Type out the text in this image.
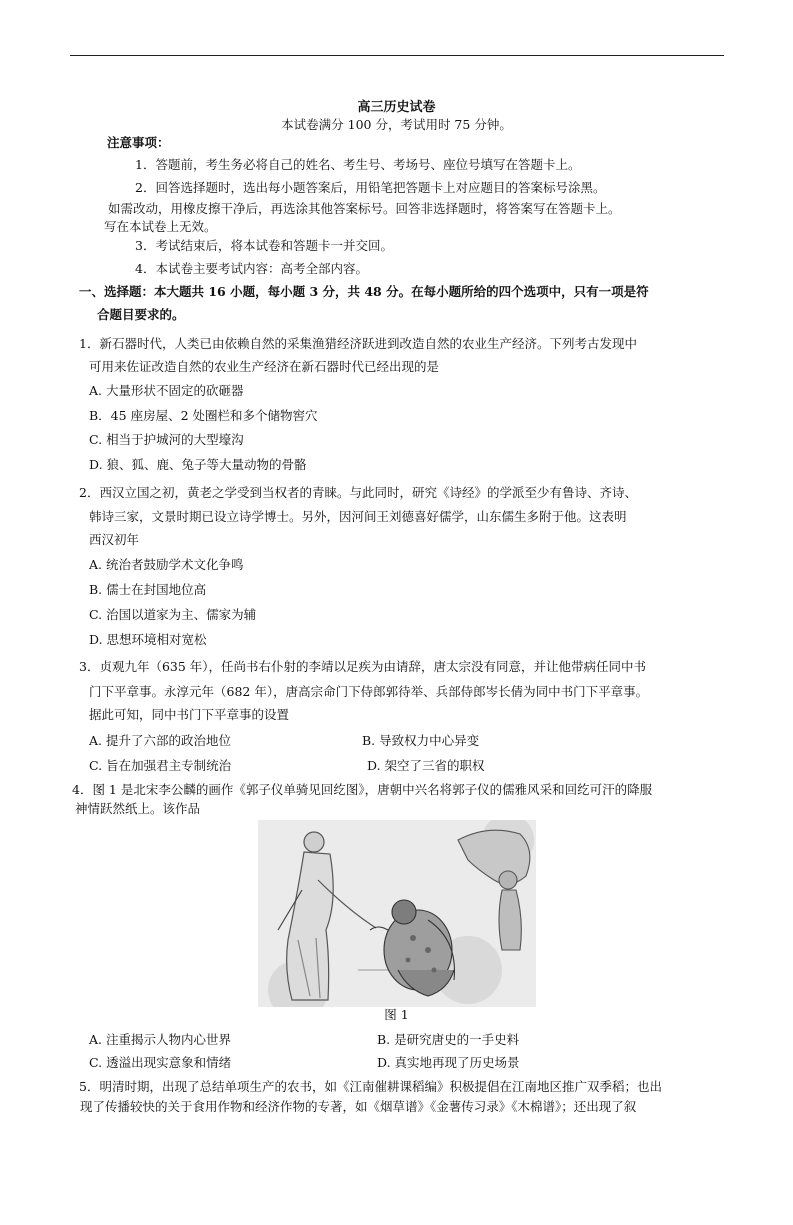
高三历史试卷
本试卷满分 100 分，考试用时 75 分钟。
注意事项：
1．答题前，考生务必将自己的姓名、考生号、考场号、座位号填写在答题卡上。
2．回答选择题时，选出每小题答案后，用铅笔把答题卡上对应题目的答案标号涂黑。
如需改动，用橡皮擦干净后，再选涂其他答案标号。回答非选择题时，将答案写在答题卡上。
写在本试卷上无效。
3．考试结束后，将本试卷和答题卡一并交回。
4．本试卷主要考试内容：高考全部内容。
一、选择题：本大题共 16 小题，每小题 3 分，共 48 分。在每小题所给的四个选项中，只有一项是符
合题目要求的。
1．新石器时代，人类已由依赖自然的采集渔猎经济跃进到改造自然的农业生产经济。下列考古发现中
可用来佐证改造自然的农业生产经济在新石器时代已经出现的是
A. 大量形状不固定的砍砸器
B．45 座房屋、2 处圈栏和多个储物窖穴
C. 相当于护城河的大型壕沟
D. 狼、狐、鹿、兔子等大量动物的骨骼
2．西汉立国之初，黄老之学受到当权者的青睐。与此同时，研究《诗经》的学派至少有鲁诗、齐诗、
韩诗三家，文景时期已设立诗学博士。另外，因河间王刘德喜好儒学，山东儒生多附于他。这表明
西汉初年
A. 统治者鼓励学术文化争鸣
B. 儒士在封国地位高
C. 治国以道家为主、儒家为辅
D. 思想环境相对宽松
3．贞观九年（635 年），任尚书右仆射的李靖以足疾为由请辞，唐太宗没有同意，并让他带病任同中书
门下平章事。永淳元年（682 年），唐高宗命门下侍郎郭待举、兵部侍郎岑长倩为同中书门下平章事。
据此可知，同中书门下平章事的设置
A. 提升了六部的政治地位	B. 导致权力中心异变
C. 旨在加强君主专制统治	D. 架空了三省的职权
4．图 1 是北宋李公麟的画作《郭子仪单骑见回纥图》，唐朝中兴名将郭子仪的儒雅风采和回纥可汗的降服
神情跃然纸上。该作品
图 1
A. 注重揭示人物内心世界	B. 是研究唐史的一手史料
C. 透溢出现实意象和情绪	D. 真实地再现了历史场景
5．明清时期，出现了总结单项生产的农书，如《江南催耕课稻编》积极提倡在江南地区推广双季稻；也出
现了传播较快的关于食用作物和经济作物的专著，如《烟草谱》《金薯传习录》《木棉谱》；还出现了叙
